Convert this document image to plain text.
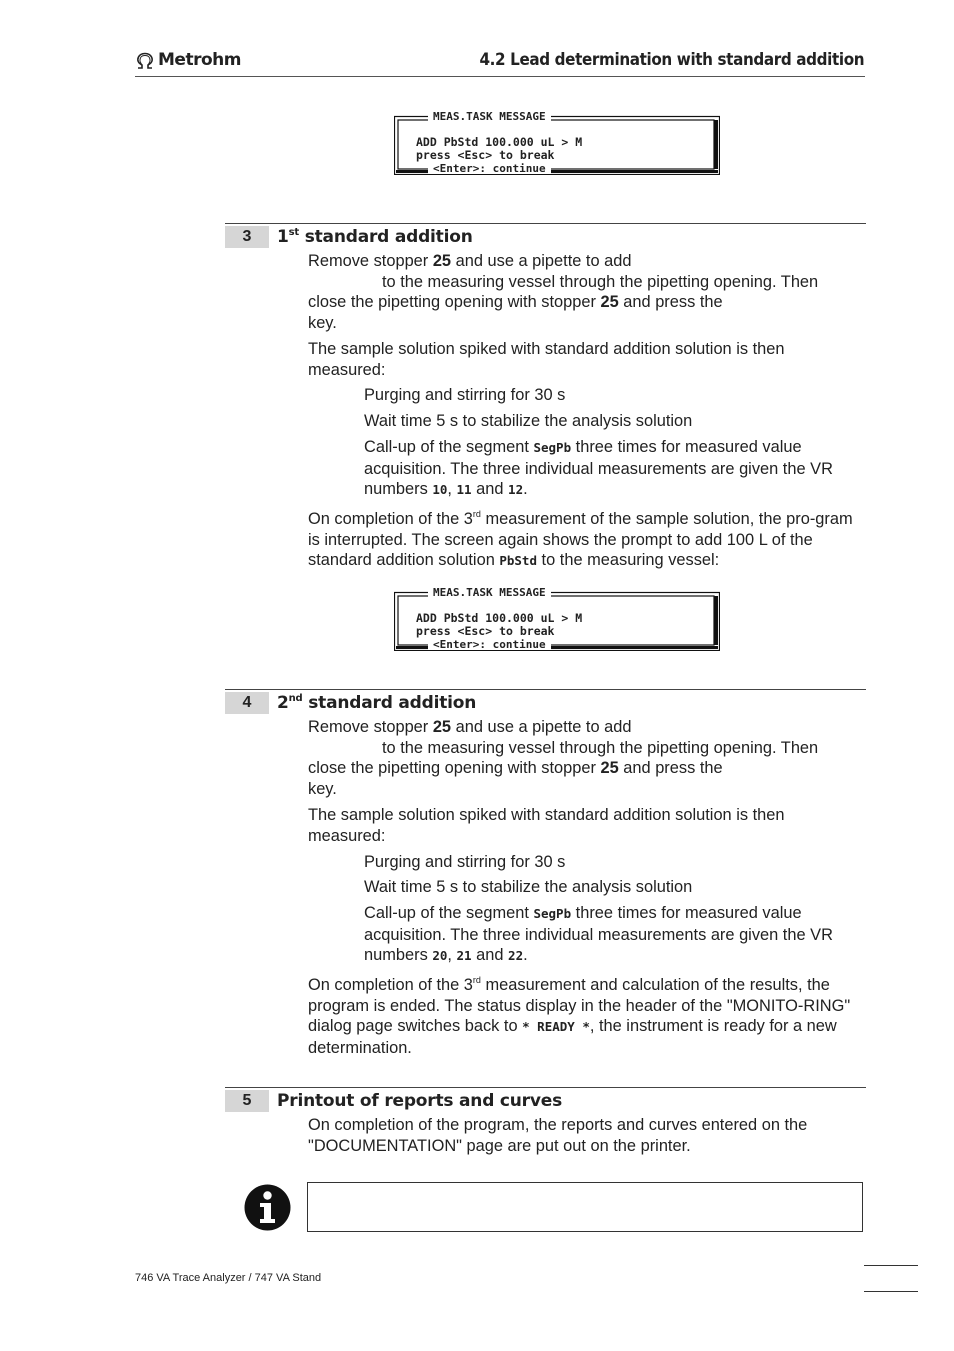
Metrohm	4.2 Lead determination with standard addition
MEAS.TASK MESSAGE
ADD PbStd 100.000 uL > M
press <Esc> to break
<Enter>: continue
3	1st standard addition
Remove stopper 25 and use a pipette to add
to the measuring vessel through the pipetting opening. Then
close the pipetting opening with stopper 25 and press the
key.
The sample solution spiked with standard addition solution is then measured:
Purging and stirring for 30 s
Wait time 5 s to stabilize the analysis solution
Call-up of the segment SegPb three times for measured value acquisition. The three individual measurements are given the VR numbers 10, 11 and 12.
On completion of the 3rd measurement of the sample solution, the pro-gram is interrupted. The screen again shows the prompt to add 100 L of the standard addition solution PbStd to the measuring vessel:
MEAS.TASK MESSAGE
ADD PbStd 100.000 uL > M
press <Esc> to break
<Enter>: continue
4	2nd standard addition
Remove stopper 25 and use a pipette to add
to the measuring vessel through the pipetting opening. Then
close the pipetting opening with stopper 25 and press the
key.
The sample solution spiked with standard addition solution is then measured:
Purging and stirring for 30 s
Wait time 5 s to stabilize the analysis solution
Call-up of the segment SegPb three times for measured value acquisition. The three individual measurements are given the VR numbers 20, 21 and 22.
On completion of the 3rd measurement and calculation of the results, the program is ended. The status display in the header of the "MONITO-RING" dialog page switches back to * READY *, the instrument is ready for a new determination.
5	Printout of reports and curves
On completion of the program, the reports and curves entered on the "DOCUMENTATION" page are put out on the printer.
746 VA Trace Analyzer / 747 VA Stand
